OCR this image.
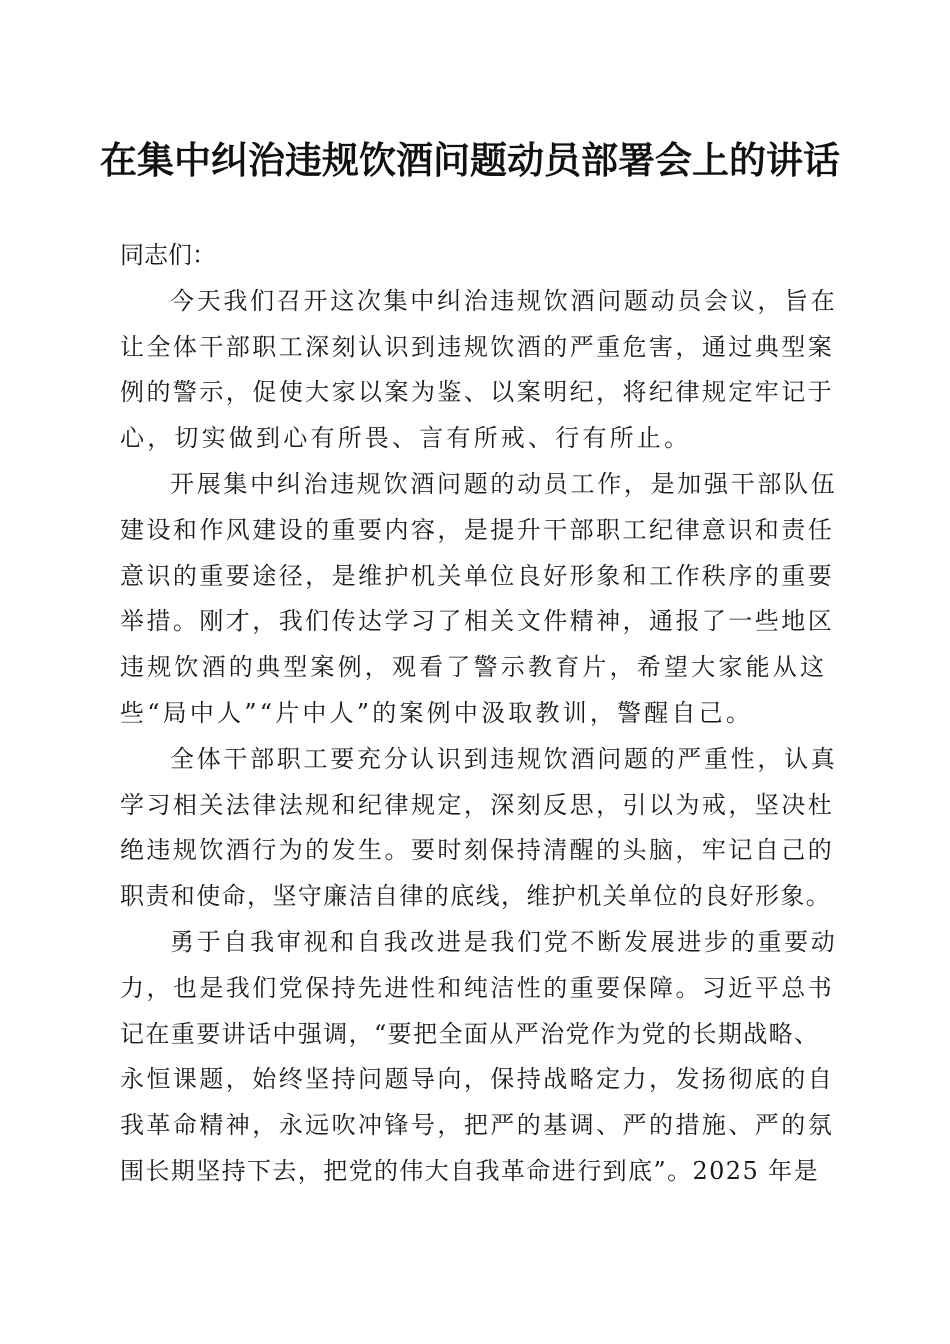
在集中纠治违规饮酒问题动员部署会上的讲话

同志们：

今天我们召开这次集中纠治违规饮酒问题动员会议，旨在
让全体干部职工深刻认识到违规饮酒的严重危害，通过典型案
例的警示，促使大家以案为鉴、以案明纪，将纪律规定牢记于
心，切实做到心有所畏、言有所戒、行有所止。

开展集中纠治违规饮酒问题的动员工作，是加强干部队伍
建设和作风建设的重要内容，是提升干部职工纪律意识和责任
意识的重要途径，是维护机关单位良好形象和工作秩序的重要
举措。刚才，我们传达学习了相关文件精神，通报了一些地区
违规饮酒的典型案例，观看了警示教育片，希望大家能从这
些“局中人”“片中人”的案例中汲取教训，警醒自己。

全体干部职工要充分认识到违规饮酒问题的严重性，认真
学习相关法律法规和纪律规定，深刻反思，引以为戒，坚决杜
绝违规饮酒行为的发生。要时刻保持清醒的头脑，牢记自己的
职责和使命，坚守廉洁自律的底线，维护机关单位的良好形象。

勇于自我审视和自我改进是我们党不断发展进步的重要动
力，也是我们党保持先进性和纯洁性的重要保障。习近平总书
记在重要讲话中强调，“要把全面从严治党作为党的长期战略、
永恒课题，始终坚持问题导向，保持战略定力，发扬彻底的自
我革命精神，永远吹冲锋号，把严的基调、严的措施、严的氛
围长期坚持下去，把党的伟大自我革命进行到底”。2025 年是
